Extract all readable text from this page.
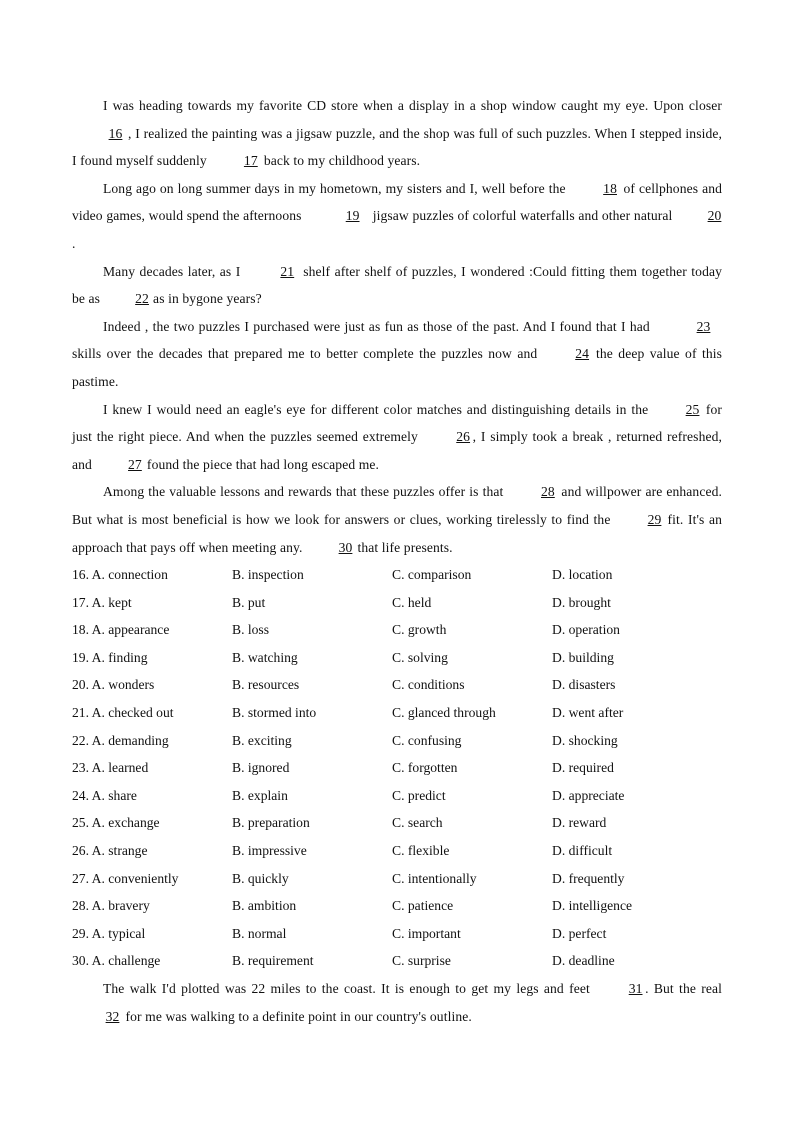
I was heading towards my favorite CD store when a display in a shop window caught my eye. Upon closer 16 , I realized the painting was a jigsaw puzzle, and the shop was full of such puzzles. When I stepped inside, I found myself suddenly 17 back to my childhood years.

Long ago on long summer days in my hometown, my sisters and I, well before the 18 of cellphones and video games, would spend the afternoons	19 jigsaw puzzles of colorful waterfalls and other natural 20.

Many decades later, as I	21 shelf after shelf of puzzles, I wondered :Could fitting them together today be as 22 as in bygone years?

Indeed , the two puzzles I purchased were just as fun as those of the past. And I found that I had	23 skills over the decades that prepared me to better complete the puzzles now and 24 the deep value of this pastime.

I knew I would need an eagle's eye for different color matches and distinguishing details in the 25 for just the right piece. And when the puzzles seemed extremely 26 , I simply took a break , returned refreshed, and 27 found the piece that had long escaped me.

Among the valuable lessons and rewards that these puzzles offer is that 28 and willpower are enhanced. But what is most beneficial is how we look for answers or clues, working tirelessly to find the 29 fit. It's an approach that pays off when meeting any. 30 that life presents.

16. A. connection	B. inspection	C. comparison	D. location
17. A. kept	B. put	C. held	D. brought
18. A. appearance	B. loss	C. growth	D. operation
19. A. finding	B. watching	C. solving	D. building
20. A. wonders	B. resources	C. conditions	D. disasters
21. A. checked out	B. stormed into	C. glanced through	D. went after
22. A. demanding	B. exciting	C. confusing	D. shocking
23. A. learned	B. ignored	C. forgotten	D. required
24. A. share	B. explain	C. predict	D. appreciate
25. A. exchange	B. preparation	C. search	D. reward
26. A. strange	B. impressive	C. flexible	D. difficult
27. A. conveniently	B. quickly	C. intentionally	D. frequently
28. A. bravery	B. ambition	C. patience	D. intelligence
29. A. typical	B. normal	C. important	D. perfect
30. A. challenge	B. requirement	C. surprise	D. deadline

The walk I'd plotted was 22 miles to the coast. It is enough to get my legs and feet 31 . But the real 32 for me was walking to a definite point in our country's outline.
